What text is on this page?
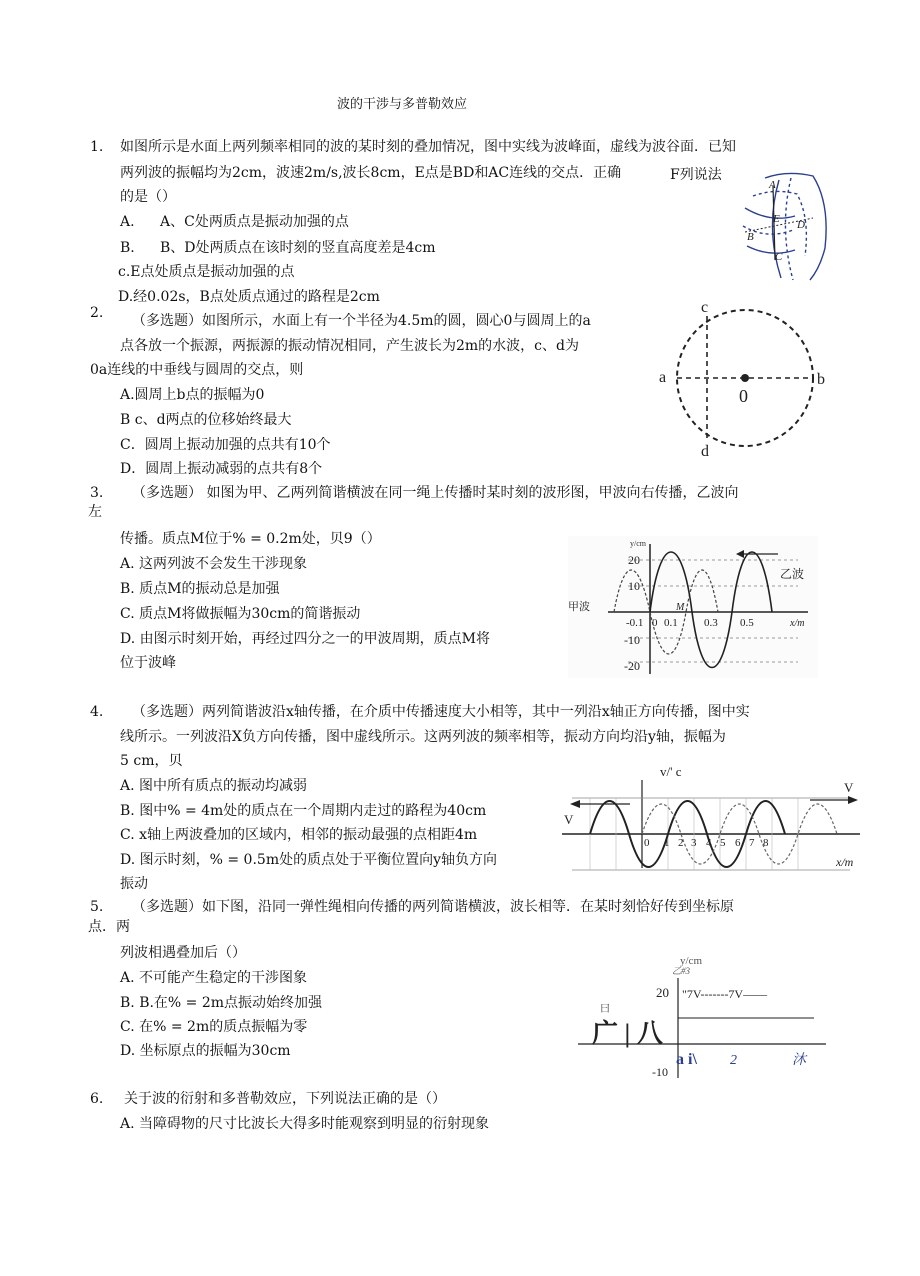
波的干涉与多普勒效应

1. 如图所示是水面上两列频率相同的波的某时刻的叠加情况，图中实线为波峰面，虚线为波谷面．已知

两列波的振幅均为2cm，波速2m/s,波长8cm，E点是BD和AC连线的交点．正确	F列说法

的是（）

A. A、C处两质点是振动加强的点

B. B、D处两质点在该时刻的竖直高度差是4cm

c.E点处质点是振动加强的点

D.经0.02s，B点处质点通过的路程是2cm

A
E D
B
C

2. （多选题）如图所示，水面上有一个半径为4.5m的圆，圆心0与圆周上的a

点各放一个振源，两振源的振动情况相同，产生波长为2m的水波，c、d为

0a连线的中垂线与圆周的交点，则

A.圆周上b点的振幅为0

B c、d两点的位移始终最大

C．圆周上振动加强的点共有10个

D．圆周上振动减弱的点共有8个

c
a	b
0
d

3. （多选题） 如图为甲、乙两列简谐横波在同一绳上传播时某时刻的波形图，甲波向右传播，乙波向

左

传播。质点M位于% = 0.2m处，贝9（）

A. 这两列波不会发生干涉现象

B. 质点M的振动总是加强

C. 质点M将做振幅为30cm的简谐振动

D. 由图示时刻开始，再经过四分之一的甲波周期，质点M将

位于波峰

y/cm
20
10
-10
-20
-0.1 0 0.1 0.3 0.5	x/m
M
甲波
乙波

4. （多选题）两列简谐波沿x轴传播，在介质中传播速度大小相等，其中一列沿x轴正方向传播，图中实

线所示。一列波沿X负方向传播，图中虚线所示。这两列波的频率相等，振动方向均沿y轴，振幅为

5 cm，贝

A. 图中所有质点的振动均减弱

B. 图中% = 4m处的质点在一个周期内走过的路程为40cm

C. x轴上两波叠加的区域内，相邻的振动最强的点相距4m

D. 图示时刻，% = 0.5m处的质点处于平衡位置向y轴负方向

振动

v/' c
V
V
0 1 2 3 4 5 6 7 8
x/m

5. （多选题）如下图，沿同一弹性绳相向传播的两列简谐横波，波长相等．在某时刻恰好传到坐标原

点．两

列波相遇叠加后（）

A. 不可能产生稳定的干涉图象

B. B.在% = 2m点振动始终加强

C. 在% = 2m的质点振幅为零

D. 坐标原点的振幅为30cm

y/cm
乙#3
20 "7V-------7V——
曰
广 | 八
a i\ 2	沐
-10

6. 关于波的衍射和多普勒效应，下列说法正确的是（）

A. 当障碍物的尺寸比波长大得多时能观察到明显的衍射现象
